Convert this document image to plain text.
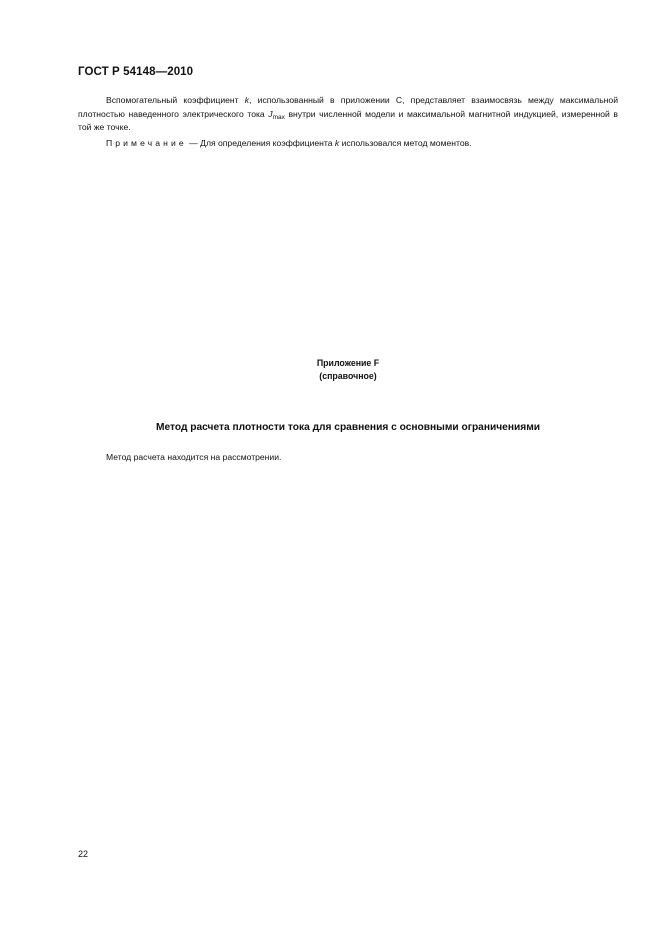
ГОСТ Р 54148—2010

Вспомогательный коэффициент k, использованный в приложении C, представляет взаимосвязь между максимальной плотностью наведенного электрического тока $J_{max}$ внутри численной модели и максимальной магнитной индукцией, измеренной в той же точке.

Примечание — Для определения коэффициента k использовался метод моментов.

Приложение F
(справочное)
Метод расчета плотности тока для сравнения с основными ограничениями

Метод расчета находится на рассмотрении.

22
